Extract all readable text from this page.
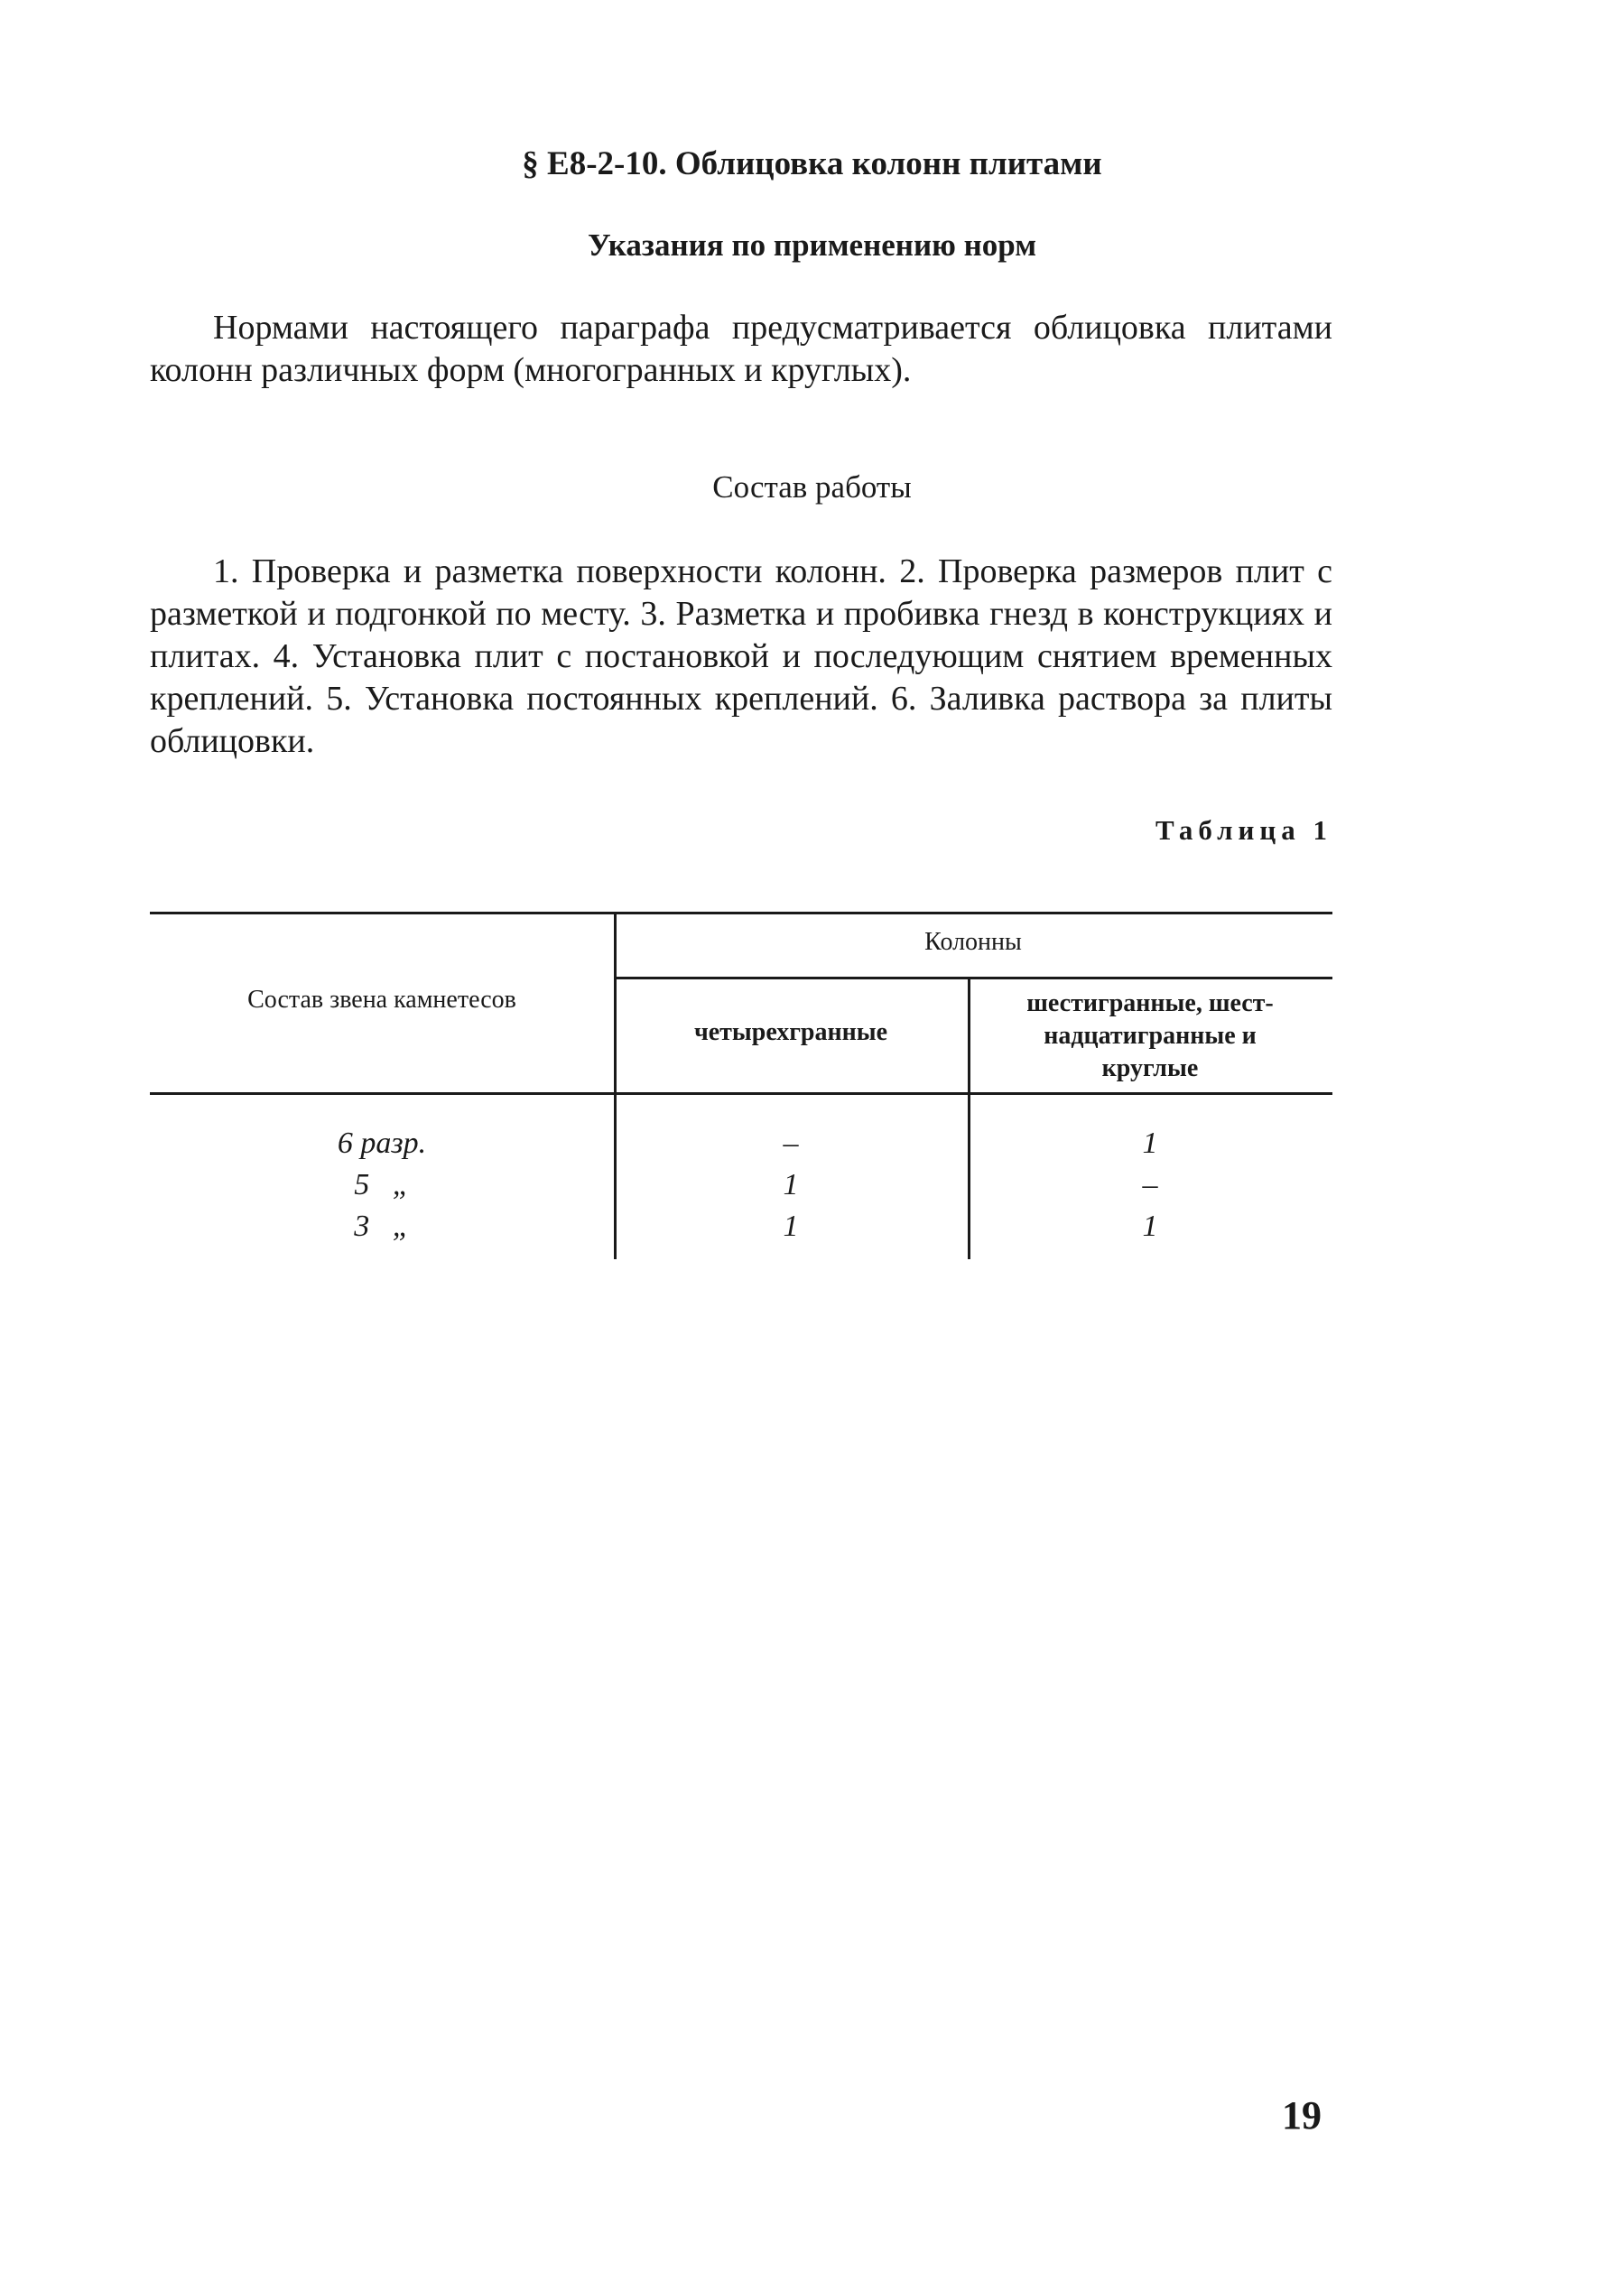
§ Е8-2-10. Облицовка колонн плитами
Указания по применению норм

Нормами настоящего параграфа предусматривается облицовка плитами колонн различных форм (многогранных и круглых).

Состав работы

1. Проверка и разметка поверхности колонн. 2. Проверка размеров плит с разметкой и подгонкой по месту. 3. Разметка и пробивка гнезд в конструкциях и плитах. 4. Установка плит с постановкой и последующим снятием временных креплений. 5. Установка постоянных креплений. 6. Заливка раствора за плиты облицовки.

Таблица 1
Состав звена камнетесов
Колонны
четырехгранные
шестигранные, шест-
надцатигранные и
круглые
6 разр.	–	1
5   „	1	–
3   „	1	1
19
